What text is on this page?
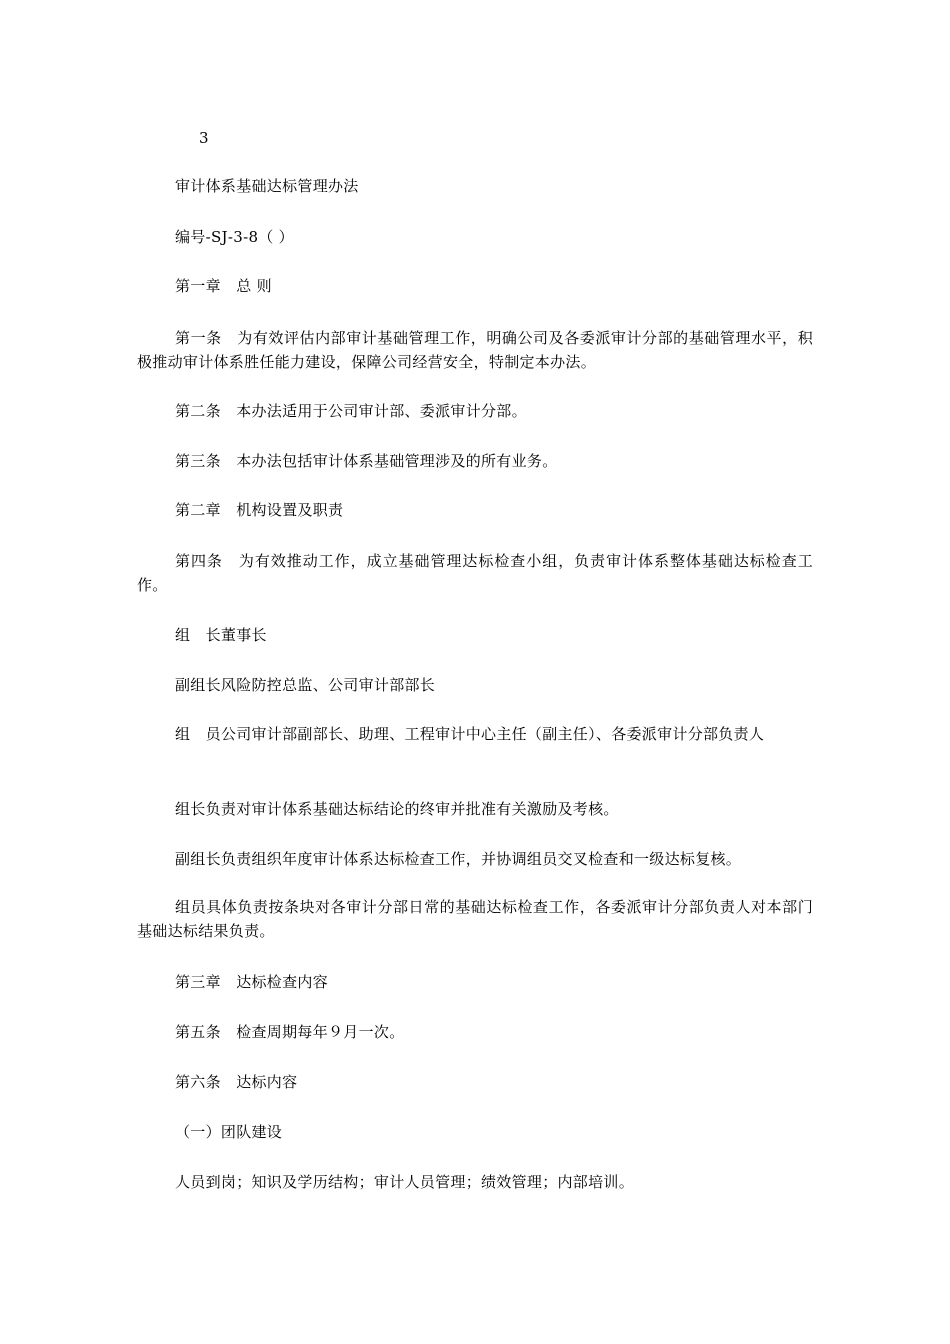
3
审计体系基础达标管理办法
编号-SJ-3-8（ ）
第一章　总 则
第一条　为有效评估内部审计基础管理工作，明确公司及各委派审计分部的基础管理水平，积极推动审计体系胜任能力建设，保障公司经营安全，特制定本办法。
第二条　本办法适用于公司审计部、委派审计分部。
第三条　本办法包括审计体系基础管理涉及的所有业务。
第二章　机构设置及职责
第四条　为有效推动工作，成立基础管理达标检查小组，负责审计体系整体基础达标检查工作。
组　长董事长
副组长风险防控总监、公司审计部部长
组　员公司审计部副部长、助理、工程审计中心主任（副主任）、各委派审计分部负责人
组长负责对审计体系基础达标结论的终审并批准有关激励及考核。
副组长负责组织年度审计体系达标检查工作，并协调组员交叉检查和一级达标复核。
组员具体负责按条块对各审计分部日常的基础达标检查工作，各委派审计分部负责人对本部门基础达标结果负责。
第三章　达标检查内容
第五条　检查周期每年９月一次。
第六条　达标内容
（一）团队建设
人员到岗；知识及学历结构；审计人员管理；绩效管理；内部培训。
